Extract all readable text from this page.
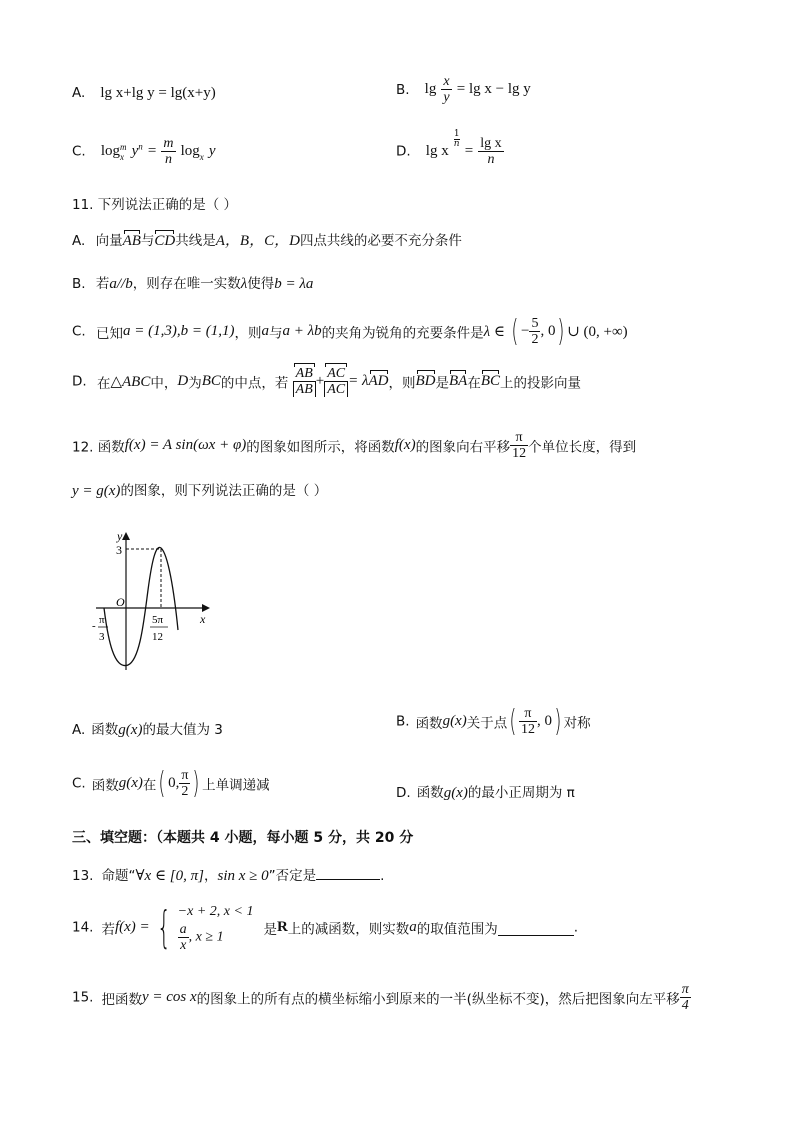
A. lg x+lg y = lg(x+y)	B. $\lg \frac{x}{y} = \lg x - \lg y$
C. $\log_x^m y^n = \frac{m}{n} \log_x y$	D. lg x
$\frac{1}{n}$
= $\frac{\text{lg x}}{n}$
11. 下列说法正确的是（ ）
A. 向量AB与CD共线是A，B，C，D四点共线的必要不充分条件
B. 若a//b，则存在唯一实数λ使得b = λa
C. 已知a = (1,3),b = (1,1)，则a与a + λb的夹角为锐角的充要条件是λ ∈ ( − $\frac{5}{2}$ , 0) ∪ (0, +∞)
D. 在△ABC中，D为BC的中点，若 $\frac{AB}{AB} + \frac{AC}{AC} = \lambda AD$，则BD是BA在BC上的投影向量
12. 函数f(x) = A sin(ωx + φ)的图象如图所示，将函数f(x)的图象向右平移 $\frac{\pi}{12}$ 个单位长度，得到
y = g(x)的图象，则下列说法正确的是（ ）
y
x
O
3
5π
12
- π
3
A. 函数g(x)的最大值为 3
B. 函数g(x)关于点( $\frac{\pi}{12}$ , 0) 对称
C. 函数g(x)在( 0, $\frac{\pi}{2}$ ) 上单调递减	D. 函数g(x)的最小正周期为 π
三、填空题：（本题共 4 小题，每小题 5 分，共 20 分
13. 命题“∀x ∈ [0, π]，sin x ≥ 0”否定是	.
14. 若f(x) = { −x + 2, x < 1
$\frac{a}{x}$ , x ≥ 1	是R上的减函数，则实数a的取值范围为	.
15. 把函数y = cos x的图象上的所有点的横坐标缩小到原来的一半(纵坐标不变)，然后把图象向左平移 $\frac{\pi}{4}$
